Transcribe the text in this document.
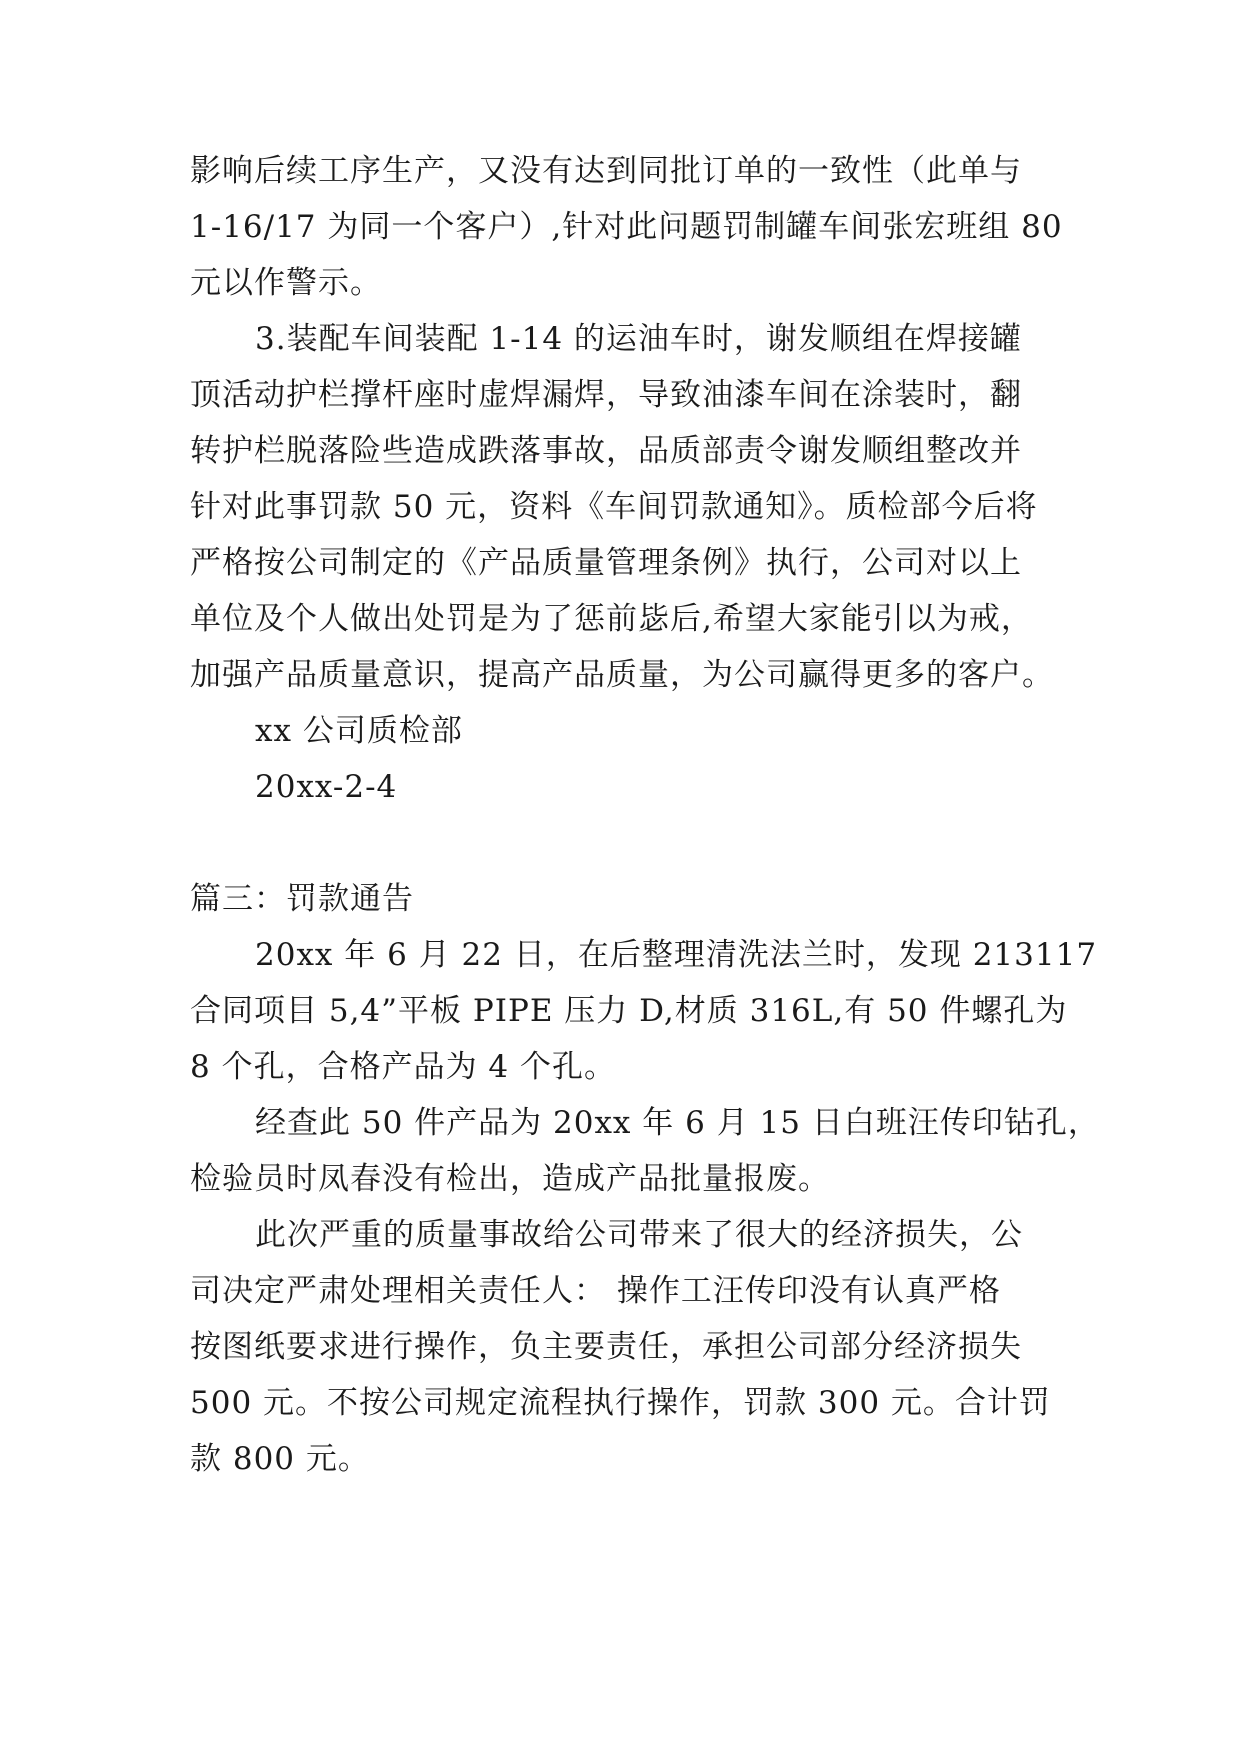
影响后续工序生产，又没有达到同批订单的一致性（此单与
1-16/17 为同一个客户）,针对此问题罚制罐车间张宏班组 80
元以作警示。
3.装配车间装配 1-14 的运油车时，谢发顺组在焊接罐
顶活动护栏撑杆座时虚焊漏焊，导致油漆车间在涂装时，翻
转护栏脱落险些造成跌落事故，品质部责令谢发顺组整改并
针对此事罚款 50 元，资料《车间罚款通知》。质检部今后将
严格按公司制定的《产品质量管理条例》执行，公司对以上
单位及个人做出处罚是为了惩前毖后,希望大家能引以为戒，
加强产品质量意识，提高产品质量，为公司赢得更多的客户。
xx 公司质检部
20xx-2-4
篇三：罚款通告
20xx 年 6 月 22 日，在后整理清洗法兰时，发现 213117
合同项目 5,4”平板 PIPE 压力 D,材质 316L,有 50 件螺孔为
8 个孔，合格产品为 4 个孔。
经查此 50 件产品为 20xx 年 6 月 15 日白班汪传印钻孔，
检验员时凤春没有检出，造成产品批量报废。
此次严重的质量事故给公司带来了很大的经济损失，公
司决定严肃处理相关责任人： 操作工汪传印没有认真严格
按图纸要求进行操作，负主要责任，承担公司部分经济损失
500 元。不按公司规定流程执行操作，罚款 300 元。合计罚
款 800 元。
